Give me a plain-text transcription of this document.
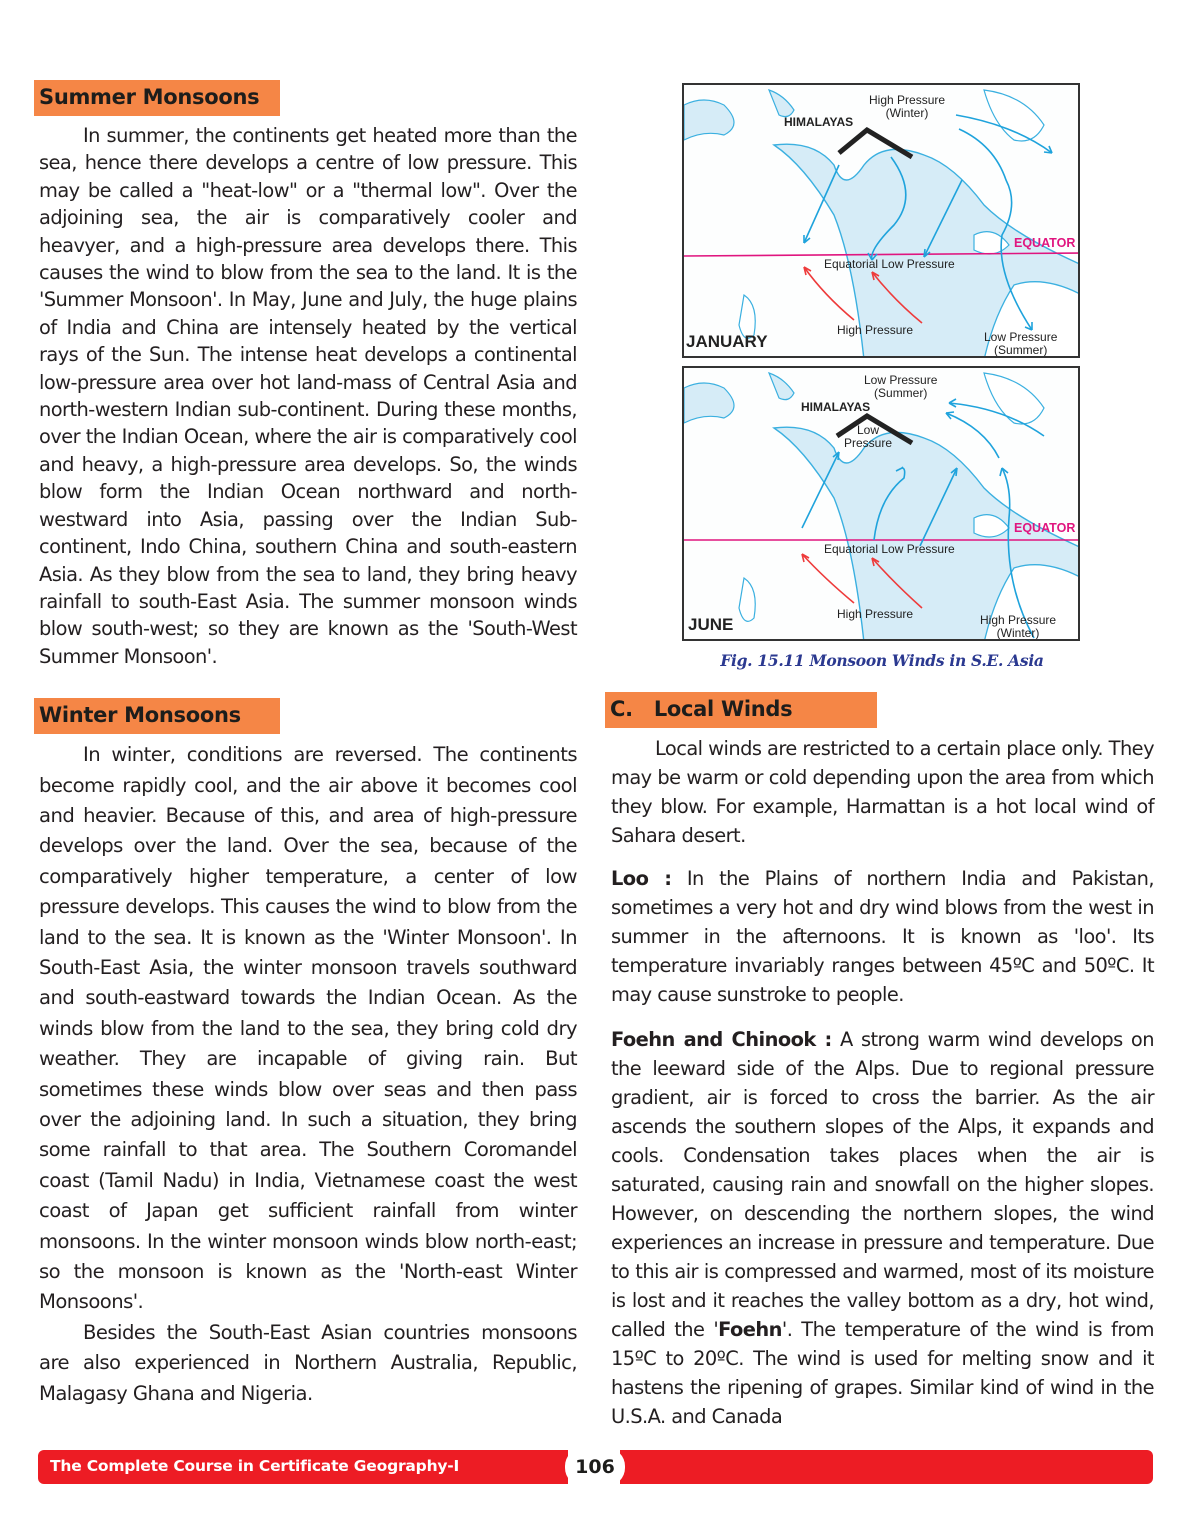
Summer Monsoons

In summer, the continents get heated more than the sea, hence there develops a centre of low pressure. This may be called a "heat-low" or a "thermal low". Over the adjoining sea, the air is comparatively cooler and heavyer, and a high-pressure area develops there. This causes the wind to blow from the sea to the land. It is the 'Summer Monsoon'. In May, June and July, the huge plains of India and China are intensely heated by the vertical rays of the Sun. The intense heat develops a continental low-pressure area over hot land-mass of Central Asia and north-western Indian sub-continent. During these months, over the Indian Ocean, where the air is comparatively cool and heavy, a high-pressure area develops. So, the winds blow form the Indian Ocean northward and north-westward into Asia, passing over the Indian Sub-continent, Indo China, southern China and south-eastern Asia. As they blow from the sea to land, they bring heavy rainfall to south-East Asia. The summer monsoon winds blow south-west; so they are known as the 'South-West Summer Monsoon'.

Winter Monsoons

In winter, conditions are reversed. The continents become rapidly cool, and the air above it becomes cool and heavier. Because of this, and area of high-pressure develops over the land. Over the sea, because of the comparatively higher temperature, a center of low pressure develops. This causes the wind to blow from the land to the sea. It is known as the 'Winter Monsoon'. In South-East Asia, the winter monsoon travels southward and south-eastward towards the Indian Ocean. As the winds blow from the land to the sea, they bring cold dry weather. They are incapable of giving rain. But sometimes these winds blow over seas and then pass over the adjoining land. In such a situation, they bring some rainfall to that area. The Southern Coromandel coast (Tamil Nadu) in India, Vietnamese coast the west coast of Japan get sufficient rainfall from winter monsoons. In the winter monsoon winds blow north-east; so the monsoon is known as the 'North-east Winter Monsoons'.

Besides the South-East Asian countries monsoons are also experienced in Northern Australia, Republic, Malagasy Ghana and Nigeria.

HIMALAYAS
High Pressure
(Winter)
EQUATOR
Equatorial Low Pressure
High Pressure
JANUARY	Low Pressure
(Summer)
HIMALAYAS
Low Pressure
(Summer)
Low
Pressure
EQUATOR
Equatorial Low Pressure
High Pressure
JUNE	High Pressure
(Winter)
Fig. 15.11 Monsoon Winds in S.E. Asia
C.   Local Winds

Local winds are restricted to a certain place only. They may be warm or cold depending upon the area from which they blow. For example, Harmattan is a hot local wind of Sahara desert.

Loo : In the Plains of northern India and Pakistan, sometimes a very hot and dry wind blows from the west in summer in the afternoons. It is known as 'loo'. Its temperature invariably ranges between 45ºC and 50ºC. It may cause sunstroke to people.

Foehn and Chinook : A strong warm wind develops on the leeward side of the Alps. Due to regional pressure gradient, air is forced to cross the barrier. As the air ascends the southern slopes of the Alps, it expands and cools. Condensation takes places when the air is saturated, causing rain and snowfall on the higher slopes. However, on descending the northern slopes, the wind experiences an increase in pressure and temperature. Due to this air is compressed and warmed, most of its moisture is lost and it reaches the valley bottom as a dry, hot wind, called the 'Foehn'. The temperature of the wind is from 15ºC to 20ºC. The wind is used for melting snow and it hastens the ripening of grapes. Similar kind of wind in the U.S.A. and Canada

The Complete Course in Certificate Geography-I	106
